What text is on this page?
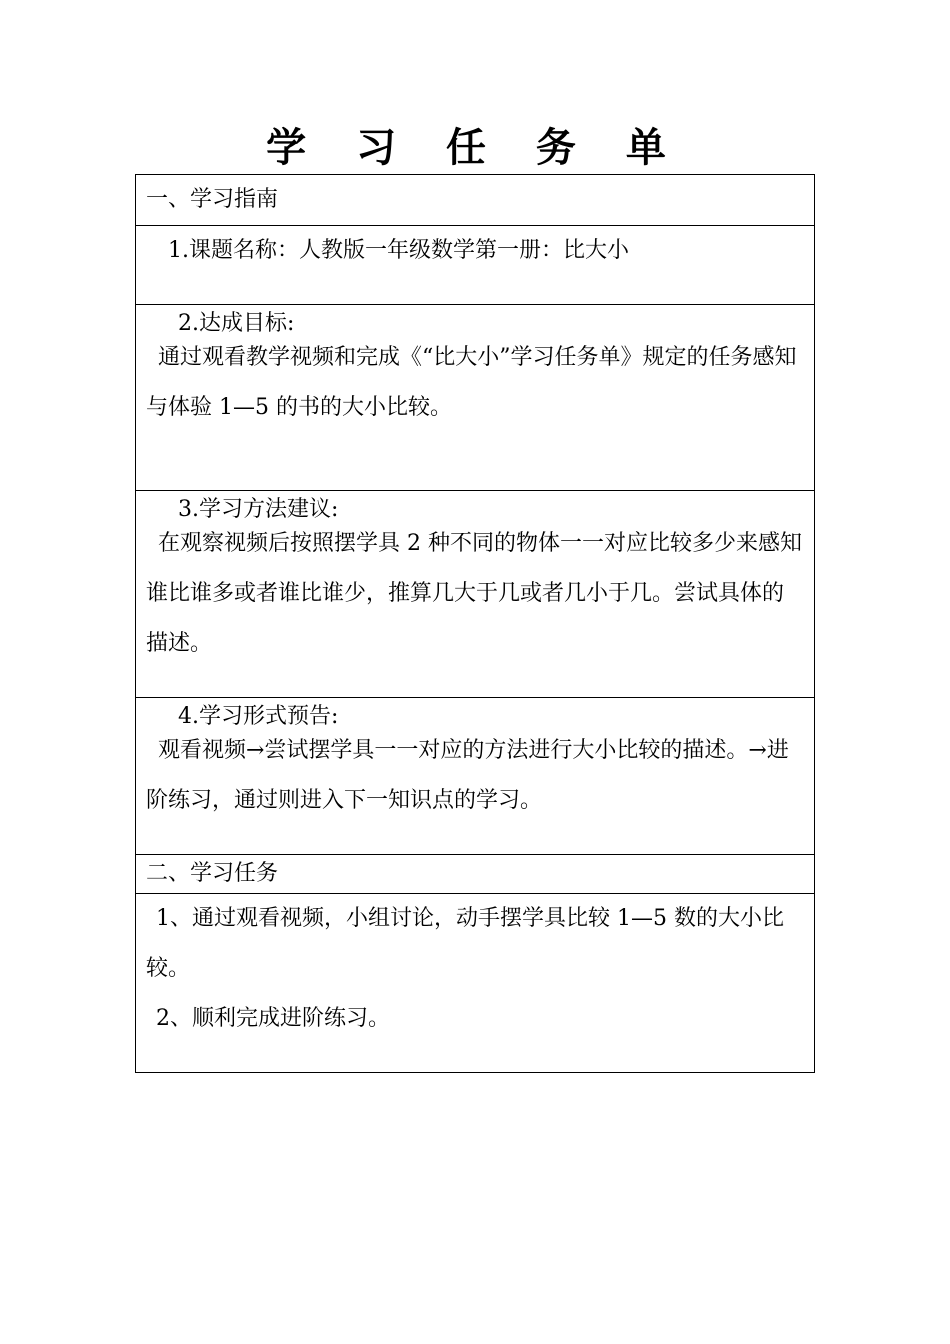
学 习 任 务 单
一、学习指南

1.课题名称：人教版一年级数学第一册：比大小

2.达成目标:
通过观看教学视频和完成《“比大小”学习任务单》规定的任务感知与体验 1—5 的书的大小比较。

3.学习方法建议:
在观察视频后按照摆学具 2 种不同的物体一一对应比较多少来感知谁比谁多或者谁比谁少，推算几大于几或者几小于几。尝试具体的描述。

4.学习形式预告:
观看视频→尝试摆学具一一对应的方法进行大小比较的描述。→进阶练习，通过则进入下一知识点的学习。

二、学习任务

1、通过观看视频，小组讨论，动手摆学具比较 1—5 数的大小比较。
2、顺利完成进阶练习。
